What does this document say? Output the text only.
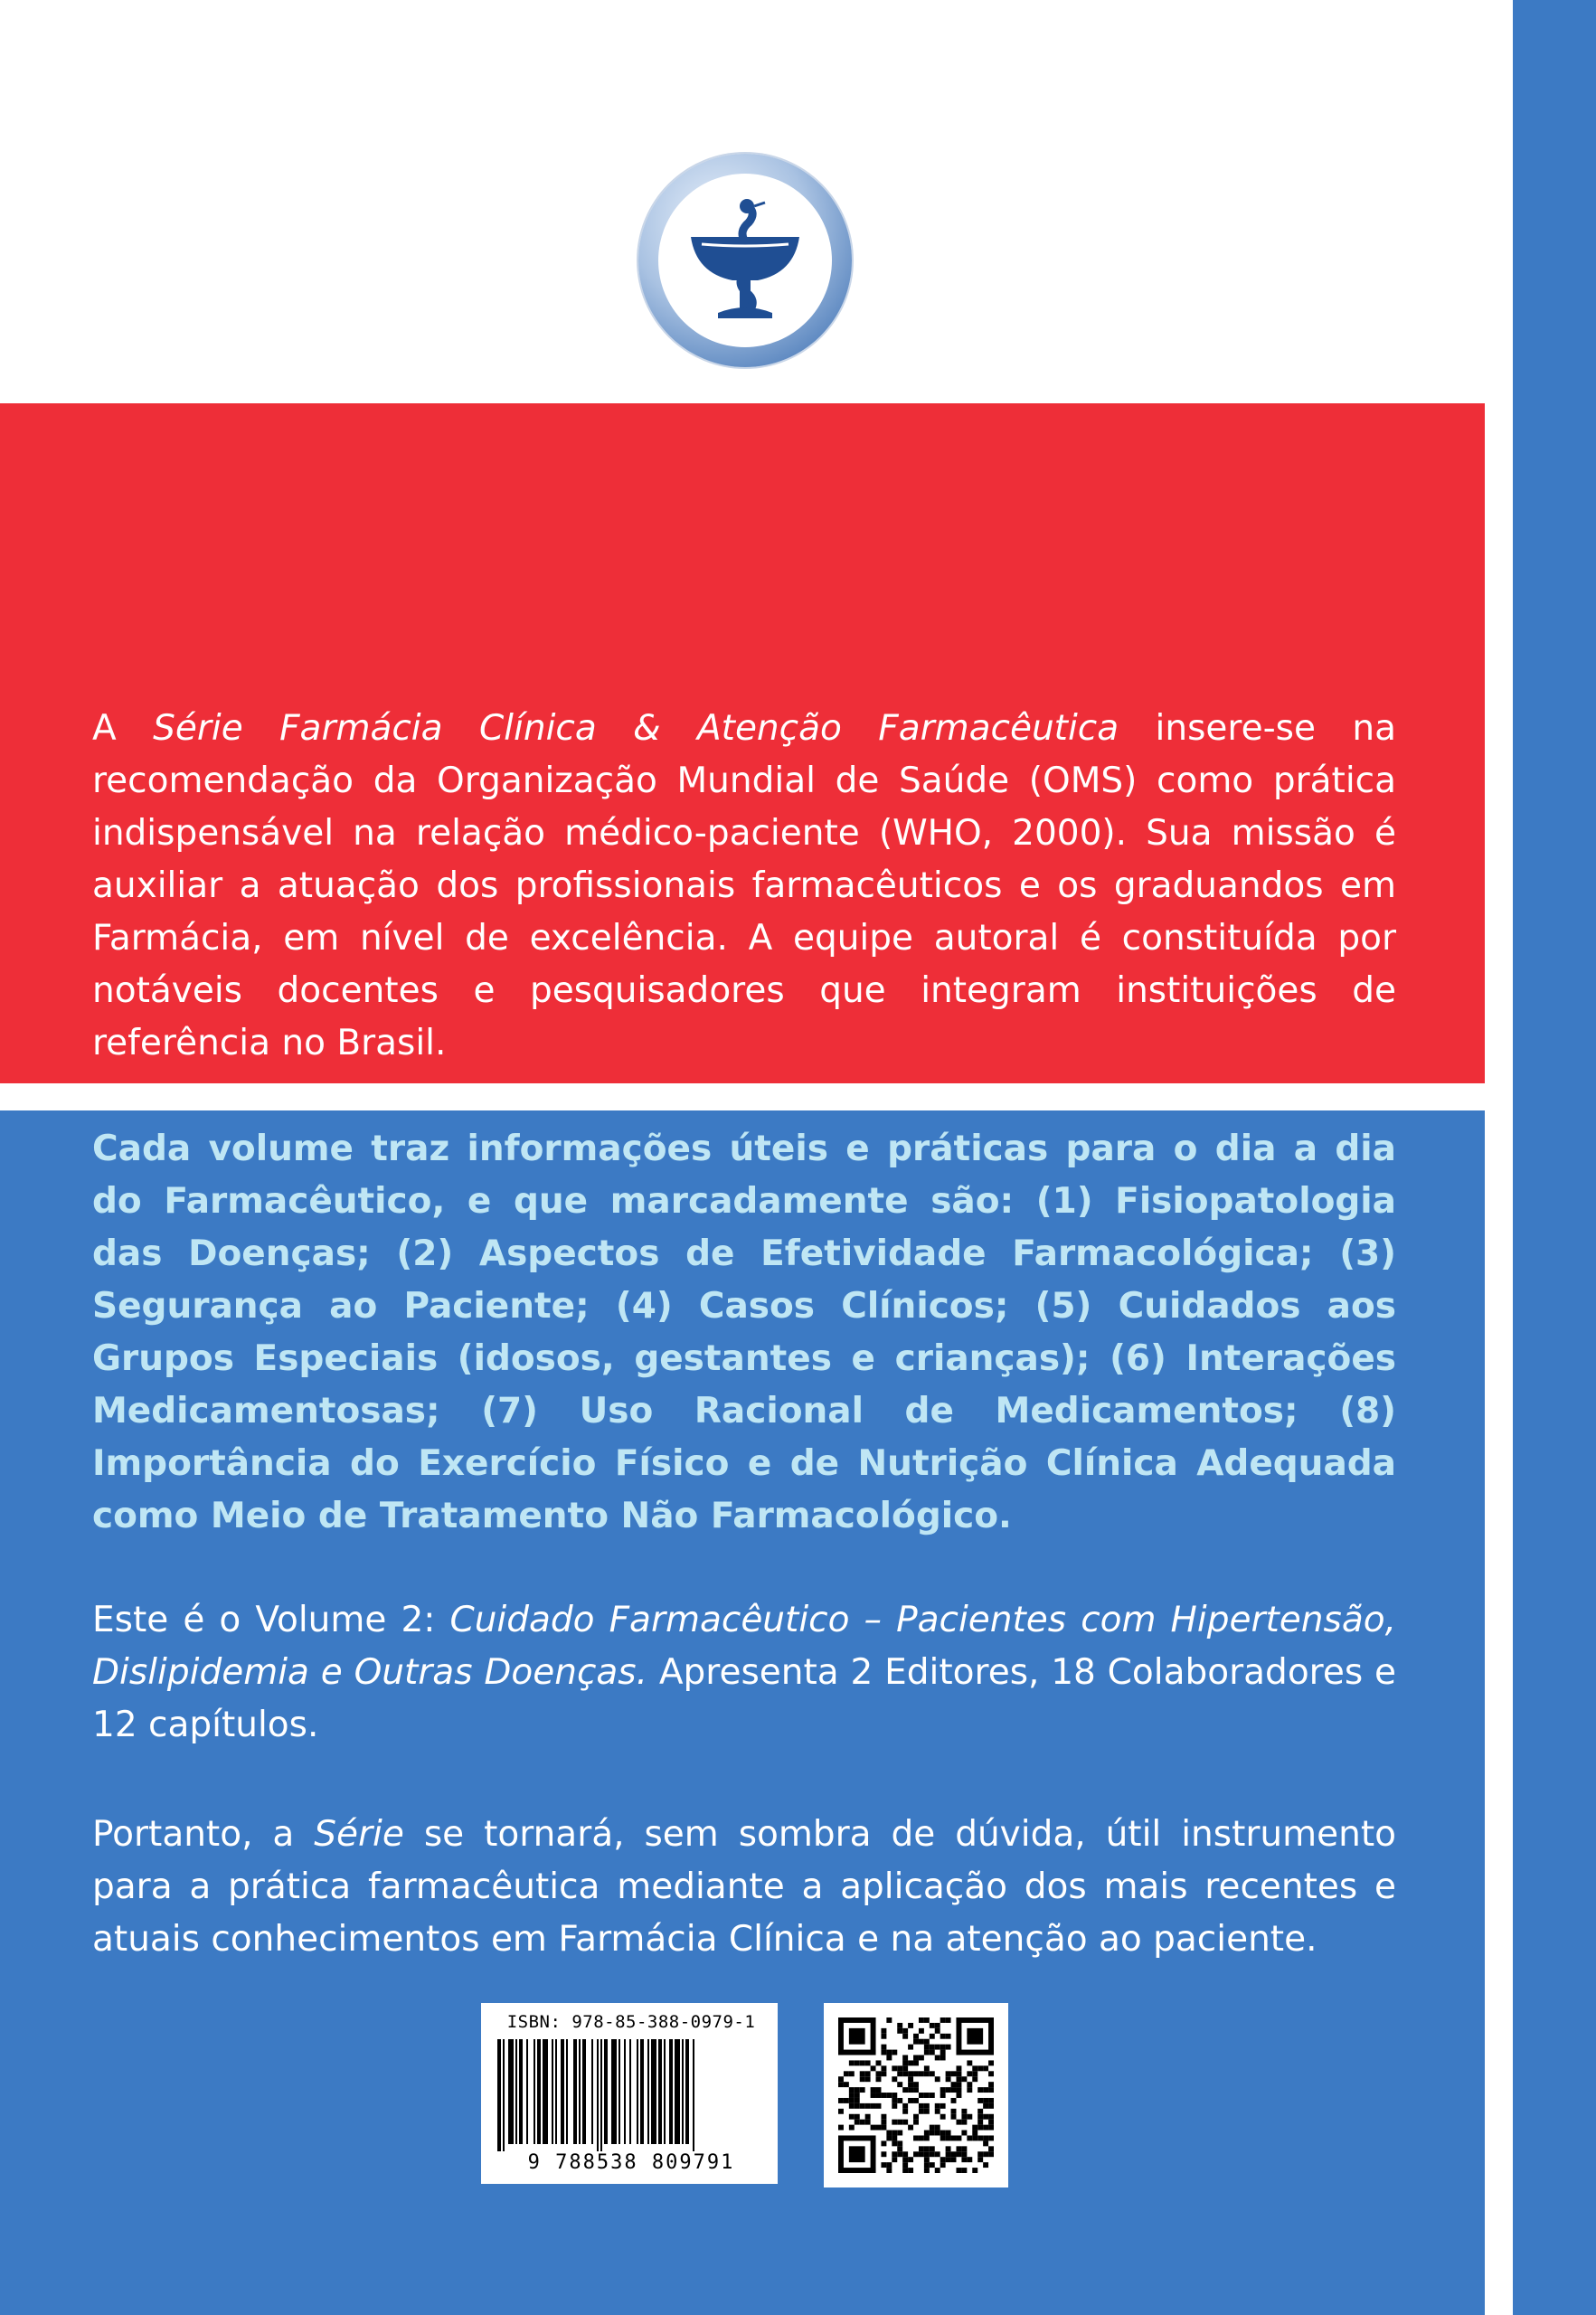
A Série Farmácia Clínica & Atenção Farmacêutica insere-se na recomendação da Organização Mundial de Saúde (OMS) como prática indispensável na relação médico-paciente (WHO, 2000). Sua missão é auxiliar a atuação dos profissionais farmacêuticos e os graduandos em Farmácia, em nível de excelência. A equipe autoral é constituída por notáveis docentes e pesquisadores que integram instituições de referência no Brasil.

Cada volume traz informações úteis e práticas para o dia a dia do Farmacêutico, e que marcadamente são: (1) Fisiopatologia das Doenças; (2) Aspectos de Efetividade Farmacológica; (3) Segurança ao Paciente; (4) Casos Clínicos; (5) Cuidados aos Grupos Especiais (idosos, gestantes e crianças); (6) Interações Medicamentosas; (7) Uso Racional de Medicamentos; (8) Importância do Exercício Físico e de Nutrição Clínica Adequada como Meio de Tratamento Não Farmacológico.

Este é o Volume 2: Cuidado Farmacêutico – Pacientes com Hipertensão, Dislipidemia e Outras Doenças. Apresenta 2 Editores, 18 Colaboradores e 12 capítulos.

Portanto, a Série se tornará, sem sombra de dúvida, útil instrumento para a prática farmacêutica mediante a aplicação dos mais recentes e atuais conhecimentos em Farmácia Clínica e na atenção ao paciente.

ISBN: 978-85-388-0979-1
9 788538 809791
